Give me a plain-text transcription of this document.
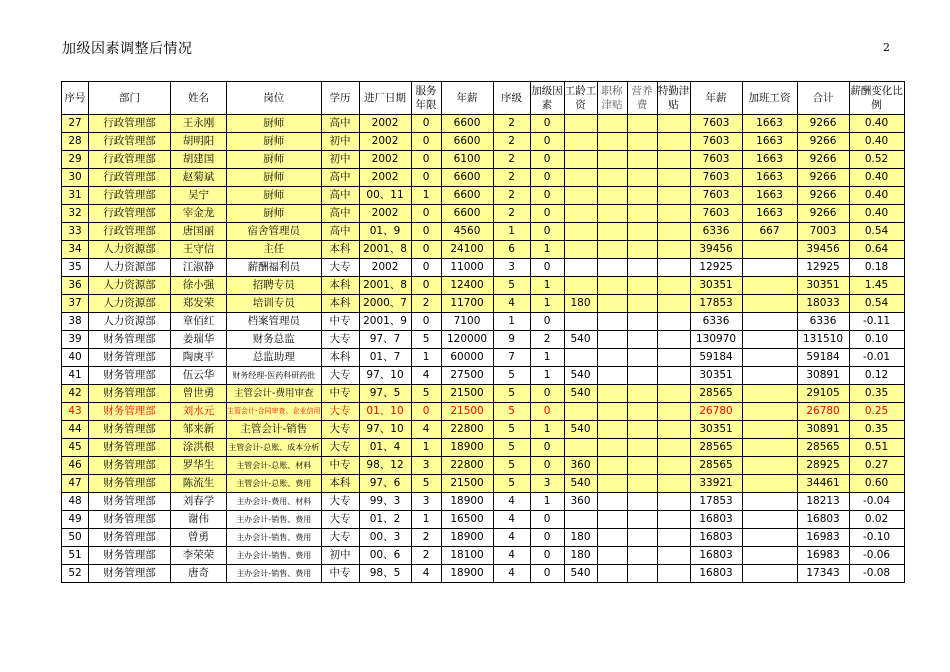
加级因素调整后情况	2
序号	部门	姓名	岗位	学历	进厂日期	服务年限	年薪	序级	加级因素	工龄工资	职称津贴	营养费	特勤津贴	年薪	加班工资	合计	薪酬变化比例
27	行政管理部	王永刚	厨师	高中	2002	0	6600	2	0					7603	1663	9266	0.40
28	行政管理部	胡明阳	厨师	初中	2002	0	6600	2	0					7603	1663	9266	0.40
29	行政管理部	胡建国	厨师	初中	2002	0	6100	2	0					7603	1663	9266	0.52
30	行政管理部	赵菊斌	厨师	高中	2002	0	6600	2	0					7603	1663	9266	0.40
31	行政管理部	吴宁	厨师	高中	00、11	1	6600	2	0					7603	1663	9266	0.40
32	行政管理部	宰金龙	厨师	高中	2002	0	6600	2	0					7603	1663	9266	0.40
33	行政管理部	唐国丽	宿舍管理员	高中	01、9	0	4560	1	0					6336	667	7003	0.54
34	人力资源部	王守信	主任	本科	2001、8	0	24100	6	1					39456		39456	0.64
35	人力资源部	江淑静	薪酬福利员	大专	2002	0	11000	3	0					12925		12925	0.18
36	人力资源部	徐小强	招聘专员	本科	2001、8	0	12400	5	1					30351		30351	1.45
37	人力资源部	郑发荣	培训专员	本科	2000、7	2	11700	4	1	180				17853		18033	0.54
38	人力资源部	章佰红	档案管理员	中专	2001、9	0	7100	1	0					6336		6336	-0.11
39	财务管理部	姜瑞华	财务总监	大专	97、7	5	120000	9	2	540				130970		131510	0.10
40	财务管理部	陶庚平	总监助理	本科	01、7	1	60000	7	1					59184		59184	-0.01
41	财务管理部	伍云华	财务经理-医药科研药批	大专	97、10	4	27500	5	1	540				30351		30891	0.12
42	财务管理部	曾世勇	主管会计-费用审查	中专	97、5	5	21500	5	0	540				28565		29105	0.35
43	财务管理部	刘水元	主管会计-合同审查、企业信用	大专	01、10	0	21500	5	0					26780		26780	0.25
44	财务管理部	邹来新	主管会计-销售	大专	97、10	4	22800	5	1	540				30351		30891	0.35
45	财务管理部	涂洪根	主管会计-总账、成本分析	大专	01、4	1	18900	5	0					28565		28565	0.51
46	财务管理部	罗华生	主管会计-总账、材料	中专	98、12	3	22800	5	0	360				28565		28925	0.27
47	财务管理部	陈流生	主管会计-总账、费用	本科	97、6	5	21500	5	3	540				33921		34461	0.60
48	财务管理部	刘春学	主办会计-费用、材料	大专	99、3	3	18900	4	1	360				17853		18213	-0.04
49	财务管理部	谢伟	主办会计-销售、费用	大专	01、2	1	16500	4	0					16803		16803	0.02
50	财务管理部	曾勇	主办会计-销售、费用	大专	00、3	2	18900	4	0	180				16803		16983	-0.10
51	财务管理部	李荣荣	主办会计-销售、费用	初中	00、6	2	18100	4	0	180				16803		16983	-0.06
52	财务管理部	唐奇	主办会计-销售、费用	中专	98、5	4	18900	4	0	540				16803		17343	-0.08
